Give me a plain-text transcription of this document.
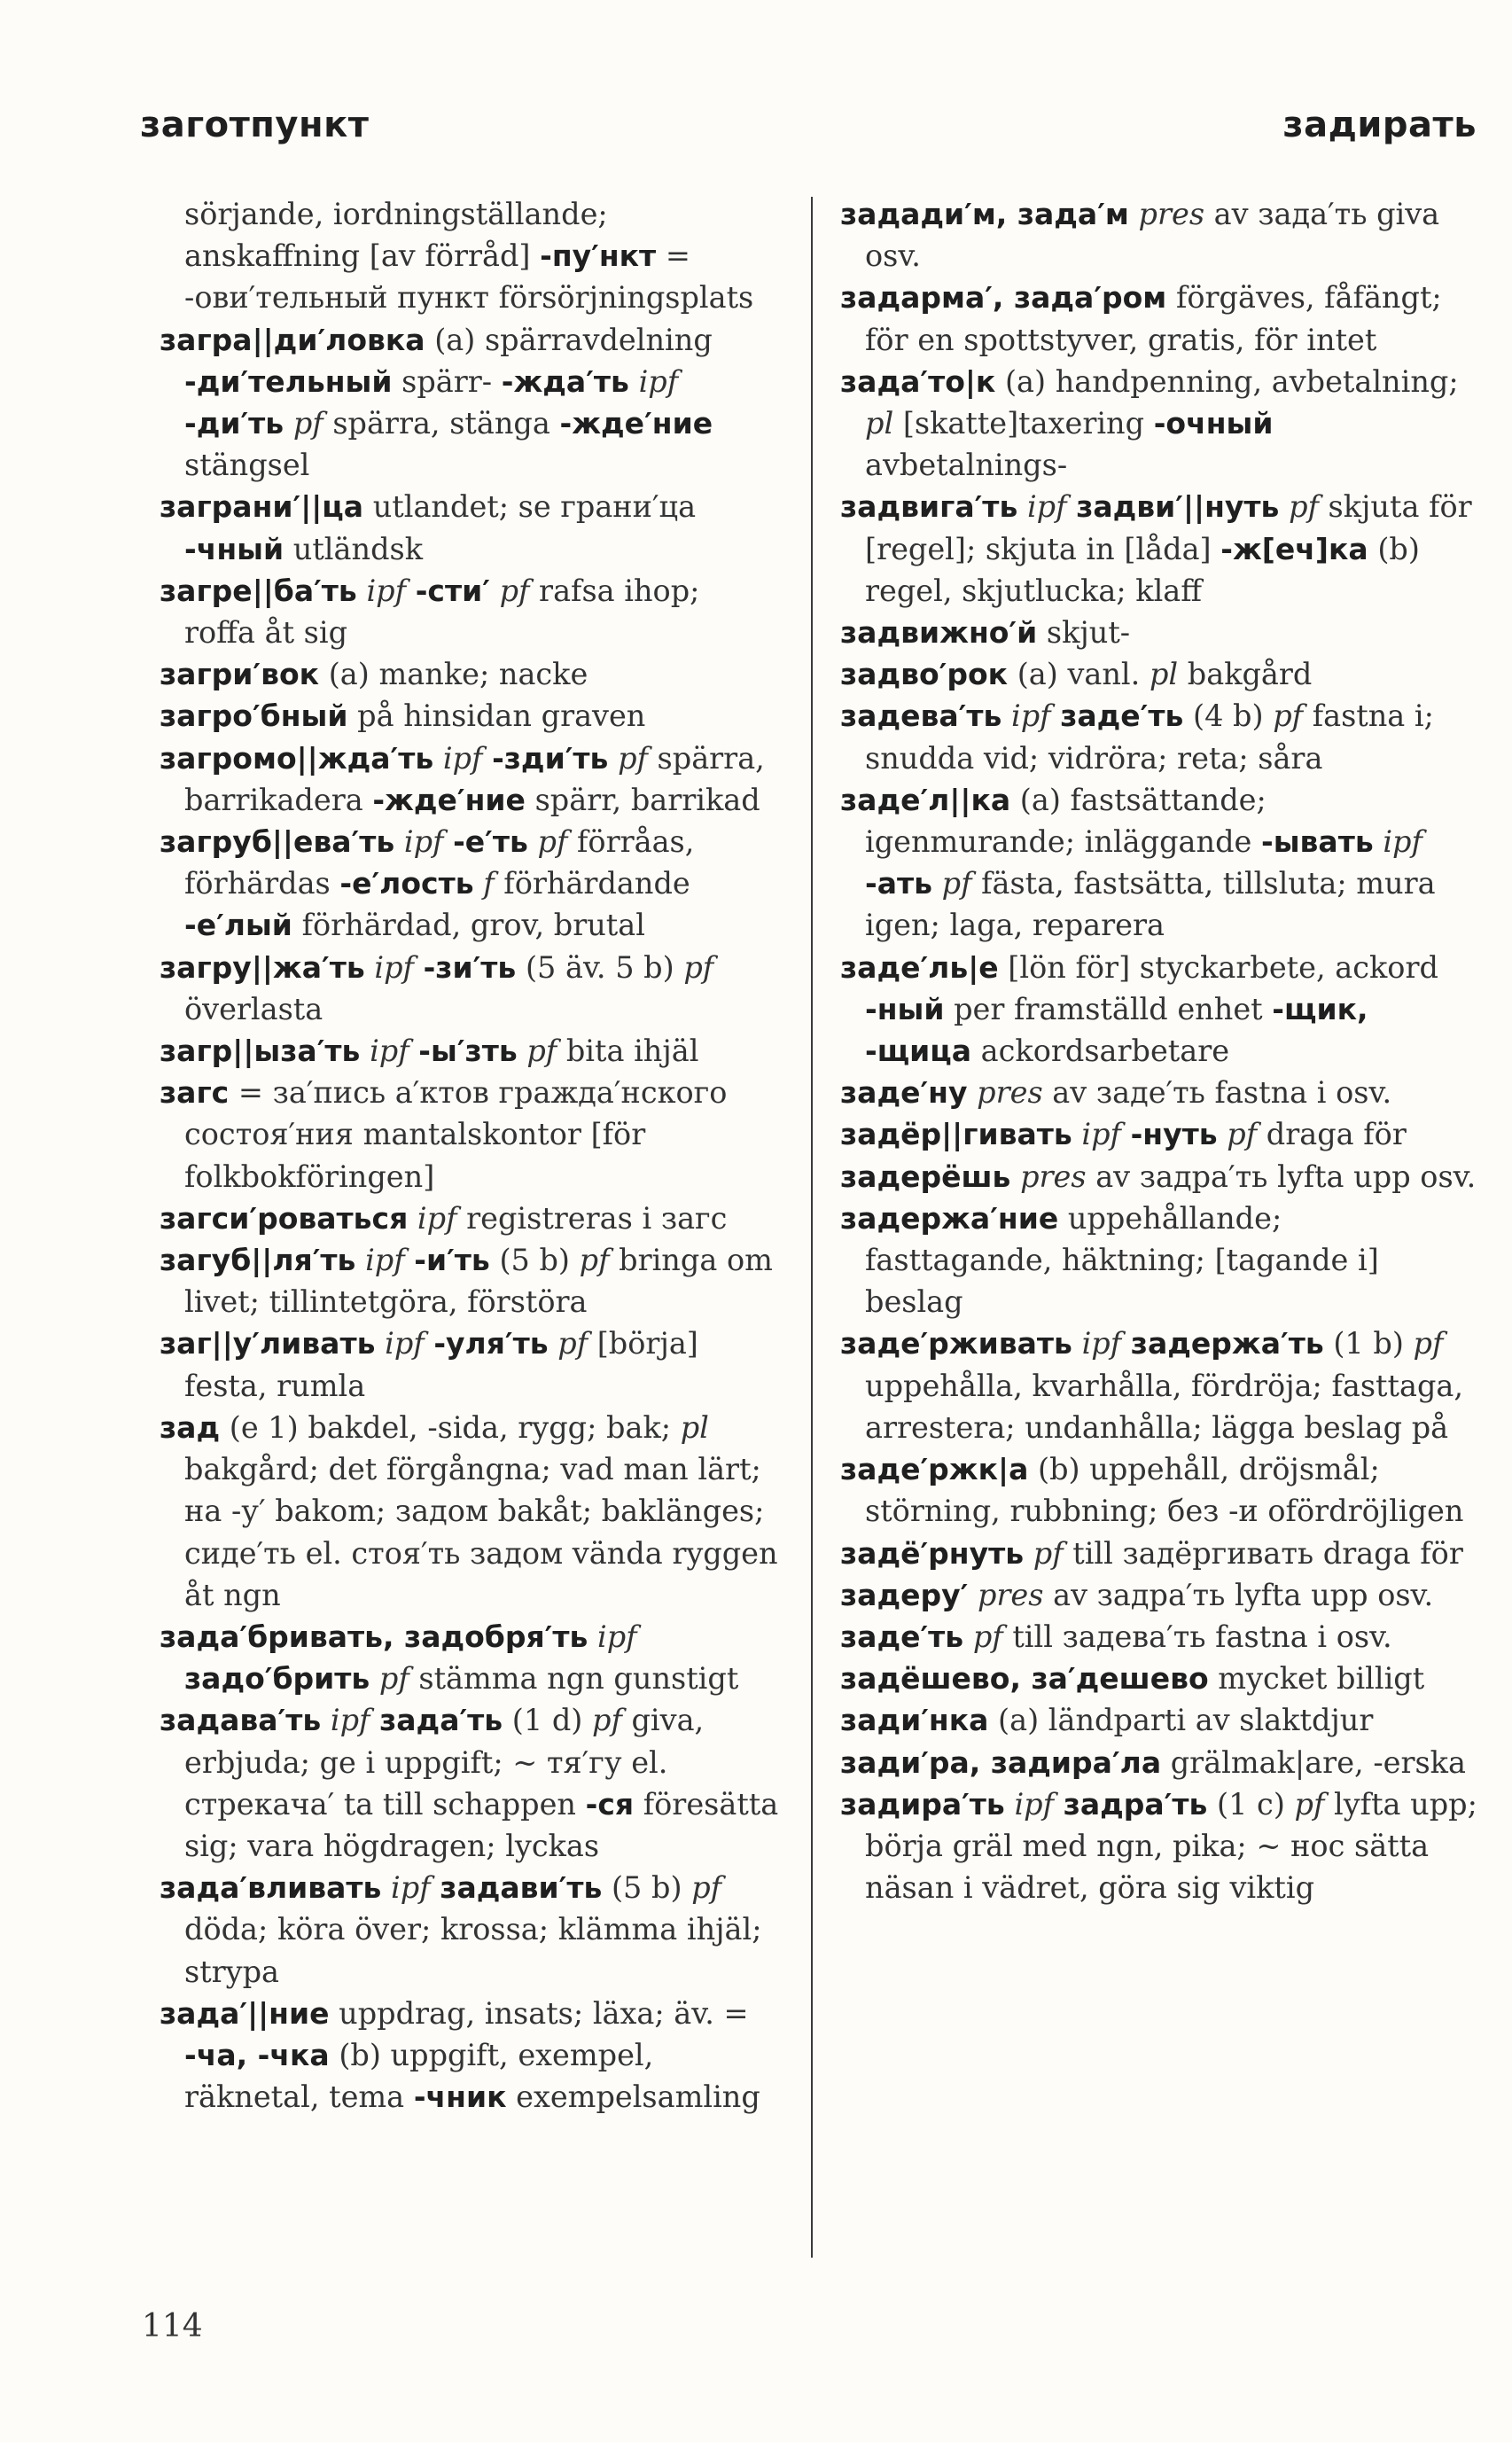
заготпункт	задирать

sörjande, iordningställande; anskaffning [av förråd] -пу′нкт = -ови′тельный пункт försörjningsplats

загра||ди′ловка (a) spärravdelning -ди′тельный spärr- -жда′ть ipf -ди′ть pf spärra, stänga -жде′ние stängsel

заграни′||ца utlandet; se грани′ца -чный utländsk

загре||ба′ть ipf -сти′ pf rafsa ihop; roffa åt sig

загри′вок (a) manke; nacke

загро′бный på hinsidan graven

загромо||жда′ть ipf -зди′ть pf spärra, barrikadera -жде′ние spärr, barrikad

загруб||ева′ть ipf -е′ть pf förråas, förhärdas -е′лость f förhärdande -е′лый förhärdad, grov, brutal

загру||жа′ть ipf -зи′ть (5 äv. 5 b) pf överlasta

загр||ыза′ть ipf -ы′зть pf bita ihjäl

загс = за′пись а′ктов гражда′нского состоя′ния mantalskontor [för folkbokföringen]

загси′роваться ipf registreras i загс

загуб||ля′ть ipf -и′ть (5 b) pf bringa om livet; tillintetgöra, förstöra

заг||у′ливать ipf -уля′ть pf [börja] festa, rumla

зад (e 1) bakdel, -sida, rygg; bak; pl bakgård; det förgångna; vad man lärt; на -у′ bakom; задом bakåt; baklänges; сиде′ть el. стоя′ть задом vända ryggen åt ngn

зада′бривать, задобря′ть ipf задо′брить pf stämma ngn gunstigt

задава′ть ipf зада′ть (1 d) pf giva, erbjuda; ge i uppgift; ~ тя′гу el. стрекача′ ta till schappen -ся föresätta sig; vara högdragen; lyckas

зада′вливать ipf задави′ть (5 b) pf döda; köra över; krossa; klämma ihjäl; strypa

зада′||ние uppdrag, insats; läxa; äv. = -ча, -чка (b) uppgift, exempel, räknetal, tema -чник exempelsamling

задади′м, зада′м pres av зада′ть giva osv.

задарма′, зада′ром förgäves, fåfängt; för en spottstyver, gratis, för intet

зада′то|к (a) handpenning, avbetalning; pl [skatte]taxering -очный avbetalnings-

задвига′ть ipf задви′||нуть pf skjuta för [regel]; skjuta in [låda] -ж[еч]ка (b) regel, skjutlucka; klaff

задвижно′й skjut-

задво′рок (a) vanl. pl bakgård

задева′ть ipf заде′ть (4 b) pf fastna i; snudda vid; vidröra; reta; såra

заде′л||ка (a) fastsättande; igenmurande; inläggande -ывать ipf -ать pf fästa, fastsätta, tillsluta; mura igen; laga, reparera

заде′ль|е [lön för] styckarbete, ackord -ный per framställd enhet -щик, -щица ackordsarbetare

заде′ну pres av заде′ть fastna i osv.

задёр||гивать ipf -нуть pf draga för

задерёшь pres av задра′ть lyfta upp osv.

задержа′ние uppehållande; fasttagande, häktning; [tagande i] beslag

заде′рживать ipf задержа′ть (1 b) pf uppehålla, kvarhålla, fördröja; fasttaga, arrestera; undanhålla; lägga beslag på

заде′ржк|а (b) uppehåll, dröjsmål; störning, rubbning; без -и ofördröjligen

задё′рнуть pf till задёргивать draga för

задеру′ pres av задра′ть lyfta upp osv.

заде′ть pf till задева′ть fastna i osv.

задёшево, за′дешево mycket billigt

зади′нка (a) ländparti av slaktdjur

зади′ра, задира′ла grälmak|are, -erska

задира′ть ipf задра′ть (1 c) pf lyfta upp; börja gräl med ngn, pika; ~ нос sätta näsan i vädret, göra sig viktig

114
